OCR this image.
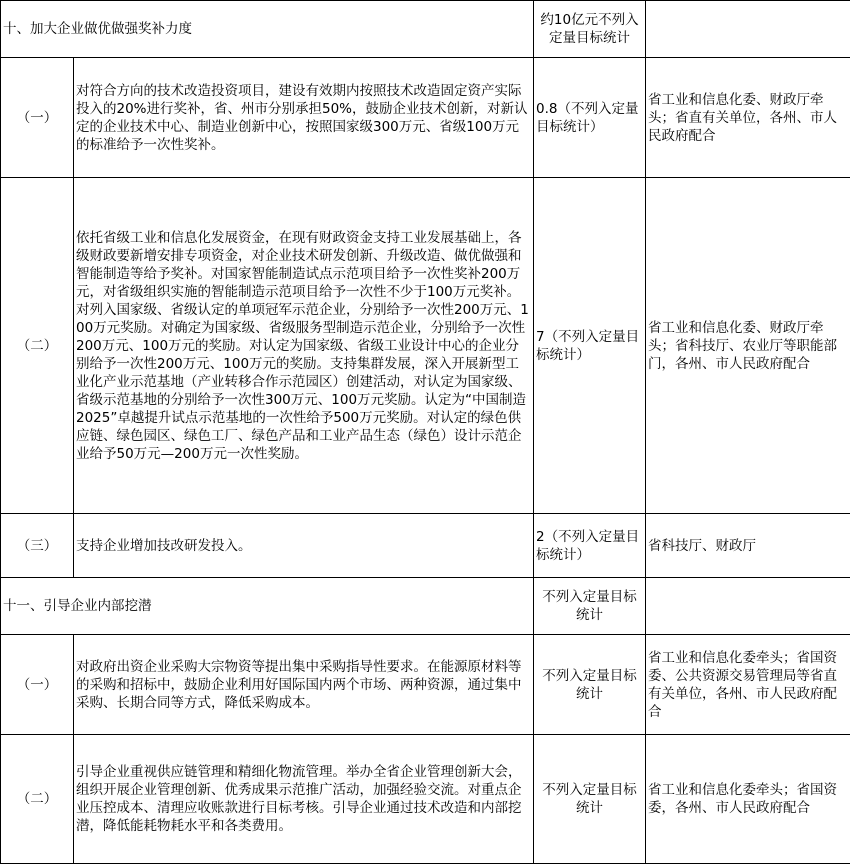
十、加大企业做优做强奖补力度		约10亿元不列入定量目标统计	
（一）	对符合方向的技术改造投资项目，建设有效期内按照技术改造固定资产实际投入的20%进行奖补，省、州市分别承担50%，鼓励企业技术创新，对新认定的企业技术中心、制造业创新中心，按照国家级300万元、省级100万元的标准给予一次性奖补。	0.8（不列入定量目标统计）	省工业和信息化委、财政厅牵头；省直有关单位，各州、市人民政府配合
（二）	依托省级工业和信息化发展资金，在现有财政资金支持工业发展基础上，各级财政要新增安排专项资金，对企业技术研发创新、升级改造、做优做强和智能制造等给予奖补。对国家智能制造试点示范项目给予一次性奖补200万元，对省级组织实施的智能制造示范项目给予一次性不少于100万元奖补。对列入国家级、省级认定的单项冠军示范企业，分别给予一次性200万元、100万元奖励。对确定为国家级、省级服务型制造示范企业，分别给予一次性200万元、100万元的奖励。对认定为国家级、省级工业设计中心的企业分别给予一次性200万元、100万元的奖励。支持集群发展，深入开展新型工业化产业示范基地（产业转移合作示范园区）创建活动，对认定为国家级、省级示范基地的分别给予一次性300万元、100万元奖励。认定为“中国制造2025”卓越提升试点示范基地的一次性给予500万元奖励。对认定的绿色供应链、绿色园区、绿色工厂、绿色产品和工业产品生态（绿色）设计示范企业给予50万元—200万元一次性奖励。	7（不列入定量目标统计）	省工业和信息化委、财政厅牵头；省科技厅、农业厅等职能部门，各州、市人民政府配合
（三）	支持企业增加技改研发投入。	2（不列入定量目标统计）	省科技厅、财政厅
十一、引导企业内部挖潜		不列入定量目标统计	
（一）	对政府出资企业采购大宗物资等提出集中采购指导性要求。在能源原材料等的采购和招标中，鼓励企业利用好国际国内两个市场、两种资源，通过集中采购、长期合同等方式，降低采购成本。	不列入定量目标统计	省工业和信息化委牵头；省国资委、公共资源交易管理局等省直有关单位，各州、市人民政府配合
（二）	引导企业重视供应链管理和精细化物流管理。举办全省企业管理创新大会，组织开展企业管理创新、优秀成果示范推广活动，加强经验交流。对重点企业压控成本、清理应收账款进行目标考核。引导企业通过技术改造和内部挖潜，降低能耗物耗水平和各类费用。	不列入定量目标统计	省工业和信息化委牵头；省国资委，各州、市人民政府配合
